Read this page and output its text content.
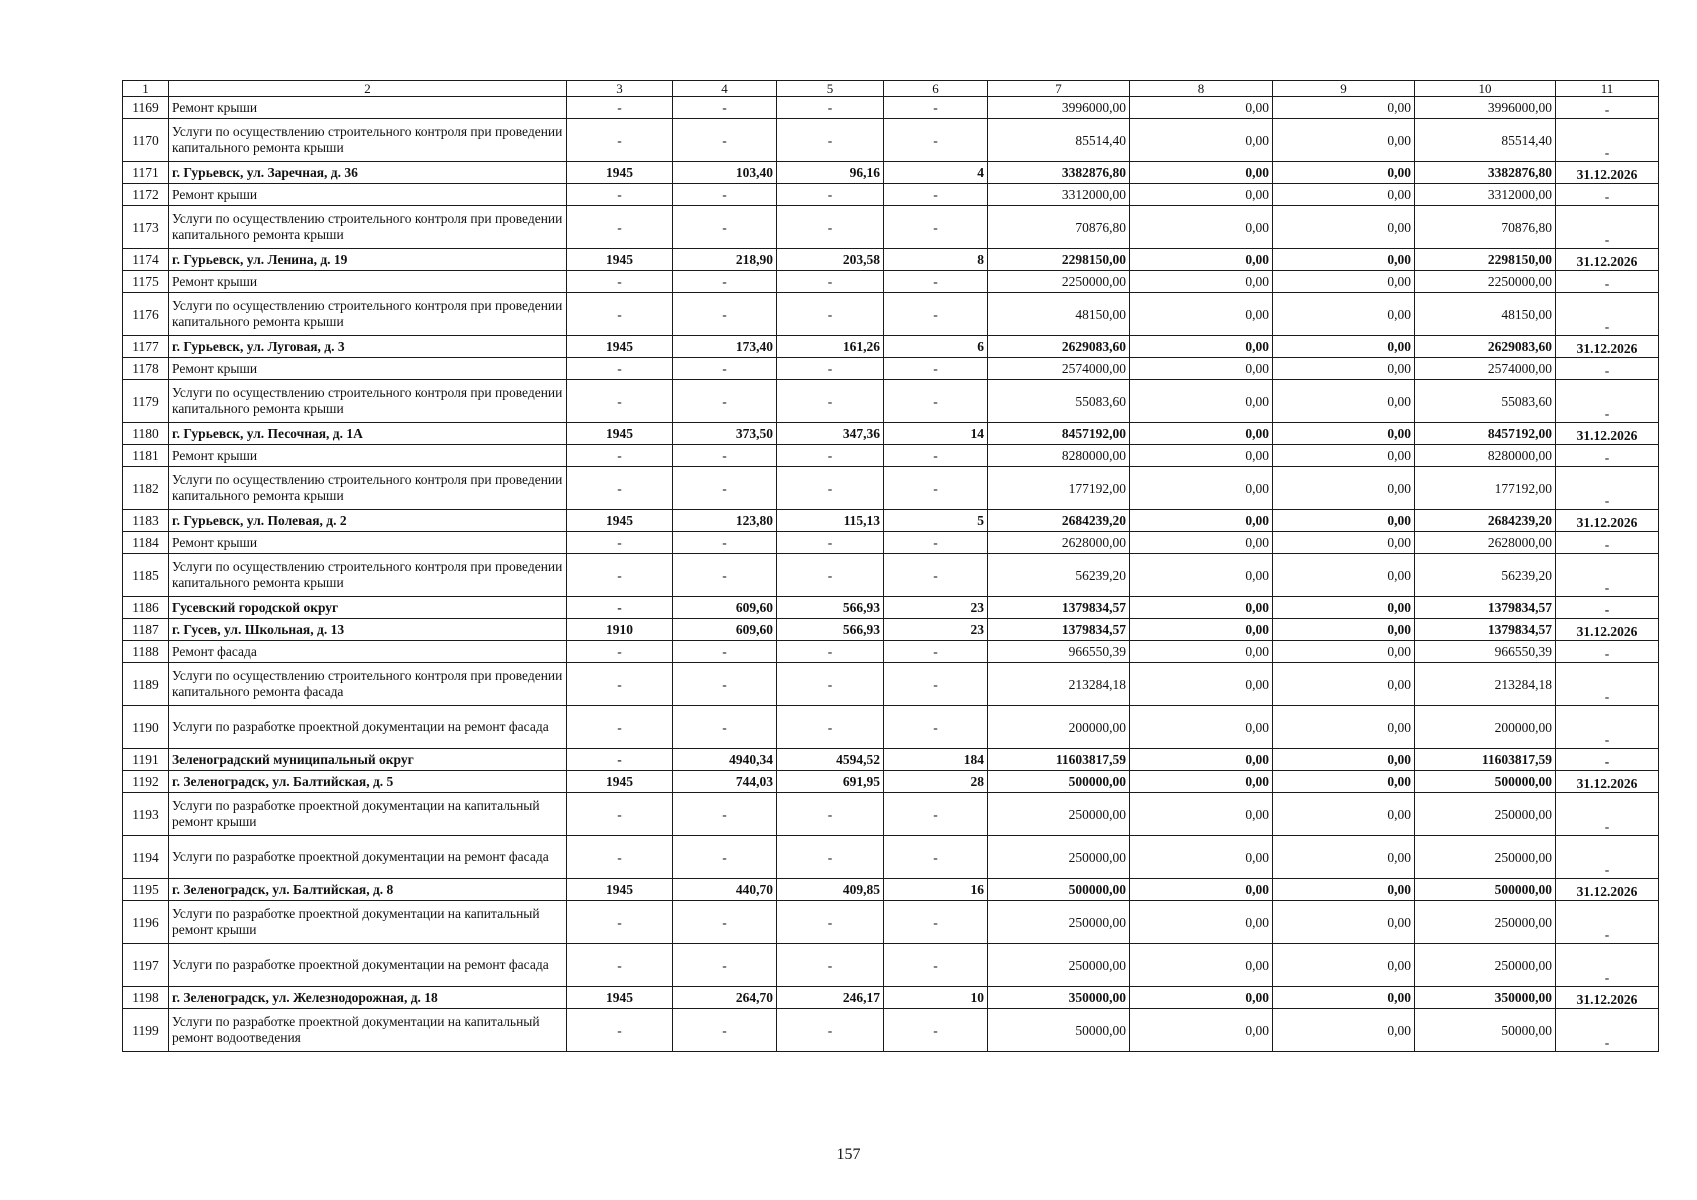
1	2	3	4	5	6	7	8	9	10	11
1169	Ремонт крыши	-	-	-	-	3996000,00	0,00	0,00	3996000,00	-
1170	Услуги по осуществлению строительного контроля при проведении капитального ремонта крыши	-	-	-	-	85514,40	0,00	0,00	85514,40	-
1171	г. Гурьевск, ул. Заречная, д. 36	1945	103,40	96,16	4	3382876,80	0,00	0,00	3382876,80	31.12.2026
1172	Ремонт крыши	-	-	-	-	3312000,00	0,00	0,00	3312000,00	-
1173	Услуги по осуществлению строительного контроля при проведении капитального ремонта крыши	-	-	-	-	70876,80	0,00	0,00	70876,80	-
1174	г. Гурьевск, ул. Ленина, д. 19	1945	218,90	203,58	8	2298150,00	0,00	0,00	2298150,00	31.12.2026
1175	Ремонт крыши	-	-	-	-	2250000,00	0,00	0,00	2250000,00	-
1176	Услуги по осуществлению строительного контроля при проведении капитального ремонта крыши	-	-	-	-	48150,00	0,00	0,00	48150,00	-
1177	г. Гурьевск, ул. Луговая, д. 3	1945	173,40	161,26	6	2629083,60	0,00	0,00	2629083,60	31.12.2026
1178	Ремонт крыши	-	-	-	-	2574000,00	0,00	0,00	2574000,00	-
1179	Услуги по осуществлению строительного контроля при проведении капитального ремонта крыши	-	-	-	-	55083,60	0,00	0,00	55083,60	-
1180	г. Гурьевск, ул. Песочная, д. 1А	1945	373,50	347,36	14	8457192,00	0,00	0,00	8457192,00	31.12.2026
1181	Ремонт крыши	-	-	-	-	8280000,00	0,00	0,00	8280000,00	-
1182	Услуги по осуществлению строительного контроля при проведении капитального ремонта крыши	-	-	-	-	177192,00	0,00	0,00	177192,00	-
1183	г. Гурьевск, ул. Полевая, д. 2	1945	123,80	115,13	5	2684239,20	0,00	0,00	2684239,20	31.12.2026
1184	Ремонт крыши	-	-	-	-	2628000,00	0,00	0,00	2628000,00	-
1185	Услуги по осуществлению строительного контроля при проведении капитального ремонта крыши	-	-	-	-	56239,20	0,00	0,00	56239,20	-
1186	Гусевский городской округ	-	609,60	566,93	23	1379834,57	0,00	0,00	1379834,57	-
1187	г. Гусев, ул. Школьная, д. 13	1910	609,60	566,93	23	1379834,57	0,00	0,00	1379834,57	31.12.2026
1188	Ремонт фасада	-	-	-	-	966550,39	0,00	0,00	966550,39	-
1189	Услуги по осуществлению строительного контроля при проведении капитального ремонта фасада	-	-	-	-	213284,18	0,00	0,00	213284,18	-
1190	Услуги по разработке проектной документации на ремонт фасада	-	-	-	-	200000,00	0,00	0,00	200000,00	-
1191	Зеленоградский муниципальный округ	-	4940,34	4594,52	184	11603817,59	0,00	0,00	11603817,59	-
1192	г. Зеленоградск, ул. Балтийская, д. 5	1945	744,03	691,95	28	500000,00	0,00	0,00	500000,00	31.12.2026
1193	Услуги по разработке проектной документации на капитальный ремонт крыши	-	-	-	-	250000,00	0,00	0,00	250000,00	-
1194	Услуги по разработке проектной документации на ремонт фасада	-	-	-	-	250000,00	0,00	0,00	250000,00	-
1195	г. Зеленоградск, ул. Балтийская, д. 8	1945	440,70	409,85	16	500000,00	0,00	0,00	500000,00	31.12.2026
1196	Услуги по разработке проектной документации на капитальный ремонт крыши	-	-	-	-	250000,00	0,00	0,00	250000,00	-
1197	Услуги по разработке проектной документации на ремонт фасада	-	-	-	-	250000,00	0,00	0,00	250000,00	-
1198	г. Зеленоградск, ул. Железнодорожная, д. 18	1945	264,70	246,17	10	350000,00	0,00	0,00	350000,00	31.12.2026
1199	Услуги по разработке проектной документации на капитальный ремонт водоотведения	-	-	-	-	50000,00	0,00	0,00	50000,00	-
157
